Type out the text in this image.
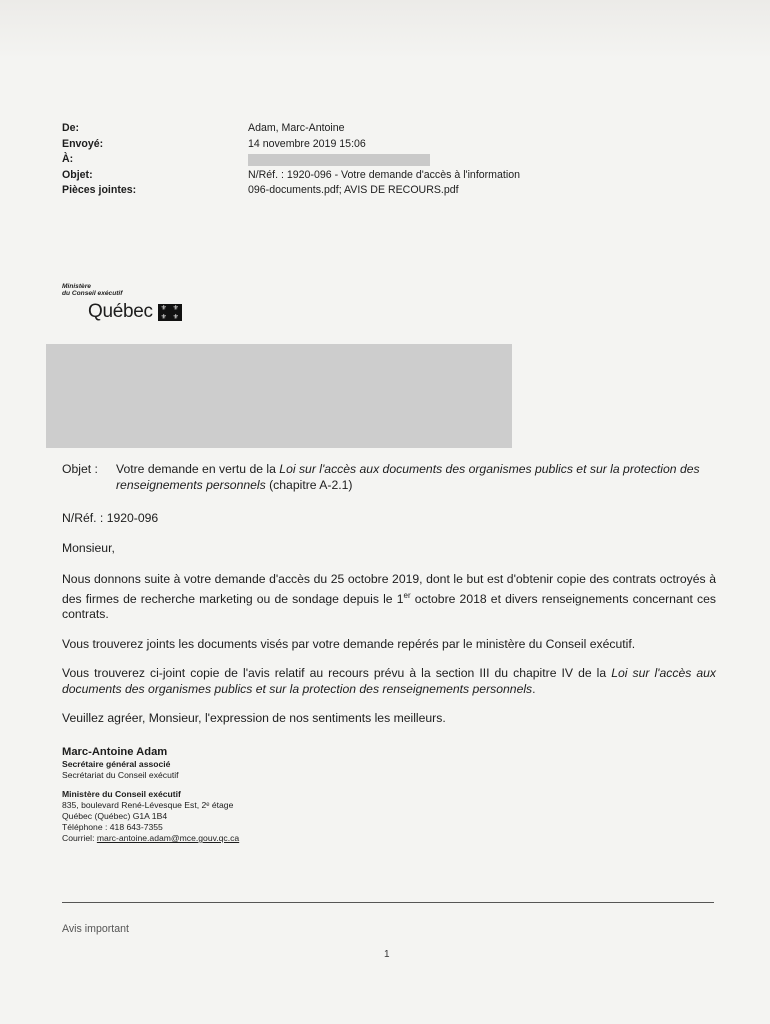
De:	Adam, Marc-Antoine
Envoyé:	14 novembre 2019 15:06
À:
Objet:	N/Réf. : 1920-096 - Votre demande d'accès à l'information
Pièces jointes:	096-documents.pdf; AVIS DE RECOURS.pdf
Ministère
du Conseil exécutif
Québec ⚜ ⚜
⚜ ⚜
Objet : Votre demande en vertu de la Loi sur l'accès aux documents des organismes publics et sur la protection des renseignements personnels (chapitre A-2.1)

N/Réf. : 1920-096

Monsieur,

Nous donnons suite à votre demande d'accès du 25 octobre 2019, dont le but est d'obtenir copie des contrats octroyés à des firmes de recherche marketing ou de sondage depuis le 1er octobre 2018 et divers renseignements concernant ces contrats.

Vous trouverez joints les documents visés par votre demande repérés par le ministère du Conseil exécutif.

Vous trouverez ci-joint copie de l'avis relatif au recours prévu à la section III du chapitre IV de la Loi sur l'accès aux documents des organismes publics et sur la protection des renseignements personnels.

Veuillez agréer, Monsieur, l'expression de nos sentiments les meilleurs.

Marc-Antoine Adam
Secrétaire général associé
Secrétariat du Conseil exécutif
Ministère du Conseil exécutif
835, boulevard René-Lévesque Est, 2ᵉ étage
Québec (Québec) G1A 1B4
Téléphone : 418 643-7355
Courriel: marc-antoine.adam@mce.gouv.qc.ca
Avis important
1
